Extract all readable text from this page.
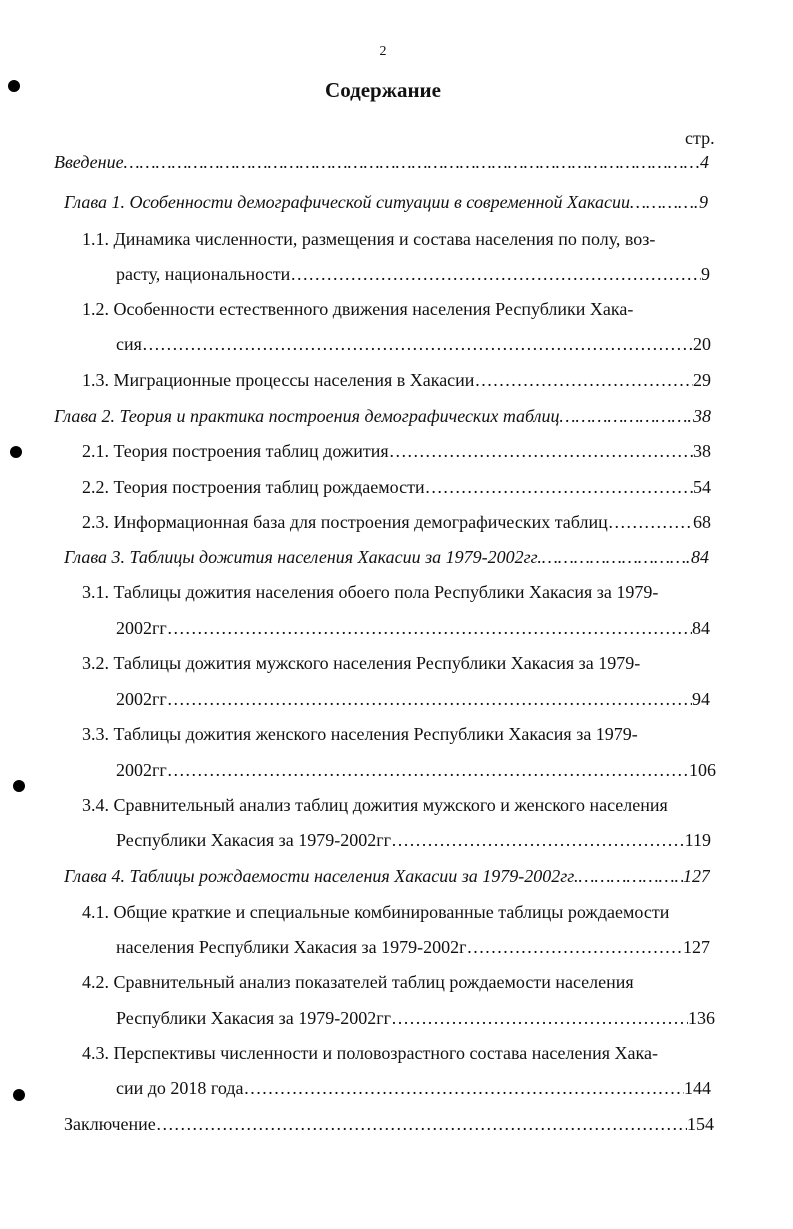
2
Содержание
стр.
Введение …………………………………………………………………………………………………………………………………………	4
Глава 1. Особенности демографической ситуации в современной Хакасии …………………………………………………………………………………………………………………………………………	9
1.1. Динамика численности, размещения и состава населения по полу, воз-
расту, национальности …………………………………………………………………………………………………………………………………………	9
1.2. Особенности естественного движения населения Республики Хака-
сия …………………………………………………………………………………………………………………………………………	20
1.3. Миграционные процессы населения в Хакасии …………………………………………………………………………………………………………………………………………	29
Глава 2. Теория и практика построения демографических таблиц …………………………………………………………………………………………………………………………………………	38
2.1. Теория построения таблиц дожития …………………………………………………………………………………………………………………………………………	38
2.2. Теория построения таблиц рождаемости …………………………………………………………………………………………………………………………………………	54
2.3. Информационная база для построения демографических таблиц …………………………………………………………………………………………………………………………………………	68
Глава 3. Таблицы дожития населения Хакасии за 1979-2002гг. …………………………………………………………………………………………………………………………………………	84
3.1. Таблицы дожития населения обоего пола Республики Хакасия за 1979-
2002гг …………………………………………………………………………………………………………………………………………	84
3.2. Таблицы дожития мужского населения Республики Хакасия за 1979-
2002гг …………………………………………………………………………………………………………………………………………	94
3.3. Таблицы дожития женского населения Республики Хакасия за 1979-
2002гг …………………………………………………………………………………………………………………………………………	106
3.4. Сравнительный анализ таблиц дожития мужского и женского населения
Республики Хакасия за 1979-2002гг …………………………………………………………………………………………………………………………………………	119
Глава 4. Таблицы рождаемости населения Хакасии за 1979-2002гг. …………………………………………………………………………………………………………………………………………	127
4.1. Общие краткие и специальные комбинированные таблицы рождаемости
населения Республики Хакасия за 1979-2002г …………………………………………………………………………………………………………………………………………	127
4.2. Сравнительный анализ показателей таблиц рождаемости населения
Республики Хакасия за 1979-2002гг …………………………………………………………………………………………………………………………………………	136
4.3. Перспективы численности и половозрастного состава населения Хака-
сии до 2018 года …………………………………………………………………………………………………………………………………………	144
Заключение …………………………………………………………………………………………………………………………………………	154
